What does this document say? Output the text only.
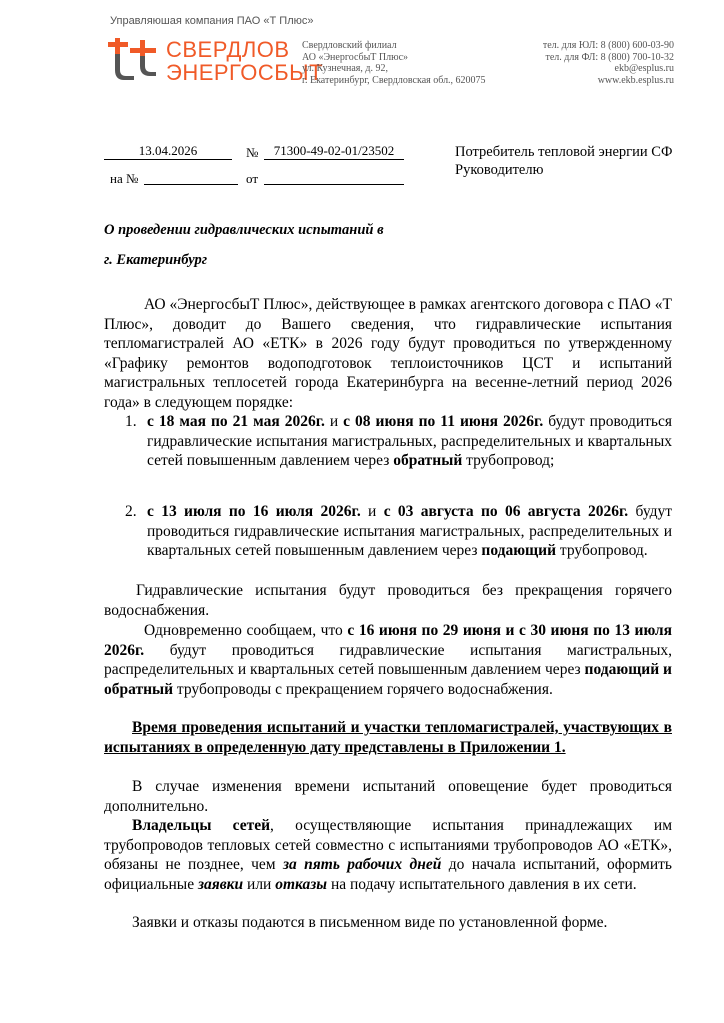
Управляюшая компания ПАО «Т Плюс»
СВЕРДЛОВ
ЭНЕРГОСБЫТ
Свердловский филиал
АО «ЭнергосбыТ Плюс»
ул. Кузнечная, д. 92,
г. Екатеринбург, Свердловская обл., 620075
тел. для ЮЛ: 8 (800) 600-03-90
тел. для ФЛ: 8 (800) 700-10-32
ekb@esplus.ru
www.ekb.esplus.ru
13.04.2026	№	71300-49-02-01/23502
на №	от
Потребитель тепловой энергии СФ
Руководителю
О проведении гидравлических испытаний в
г. Екатеринбург
АО «ЭнергосбыТ Плюс», действующее в рамках агентского договора с ПАО «Т Плюс», доводит до Вашего сведения, что гидравлические испытания тепломагистралей АО «ЕТК» в 2026 году будут проводиться по утвержденному «Графику ремонтов водоподготовок теплоисточников ЦСТ и испытаний магистральных теплосетей города Екатеринбурга на весенне-летний период 2026 года» в следующем порядке:
1. с 18 мая по 21 мая 2026г. и с 08 июня по 11 июня 2026г. будут проводиться гидравлические испытания магистральных, распределительных и квартальных сетей повышенным давлением через обратный трубопровод;
2. с 13 июля по 16 июля 2026г. и с 03 августа по 06 августа 2026г. будут проводиться гидравлические испытания магистральных, распределительных и квартальных сетей повышенным давлением через подающий трубопровод.
Гидравлические испытания будут проводиться без прекращения горячего водоснабжения.
Одновременно сообщаем, что с 16 июня по 29 июня и с 30 июня по 13 июля 2026г. будут проводиться гидравлические испытания магистральных, распределительных и квартальных сетей повышенным давлением через подающий и обратный трубопроводы с прекращением горячего водоснабжения.
Время проведения испытаний и участки тепломагистралей, участвующих в испытаниях в определенную дату представлены в Приложении 1.
В случае изменения времени испытаний оповещение будет проводиться дополнительно.
Владельцы сетей, осуществляющие испытания принадлежащих им трубопроводов тепловых сетей совместно с испытаниями трубопроводов АО «ЕТК», обязаны не позднее, чем за пять рабочих дней до начала испытаний, оформить официальные заявки или отказы на подачу испытательного давления в их сети.
Заявки и отказы подаются в письменном виде по установленной форме.
